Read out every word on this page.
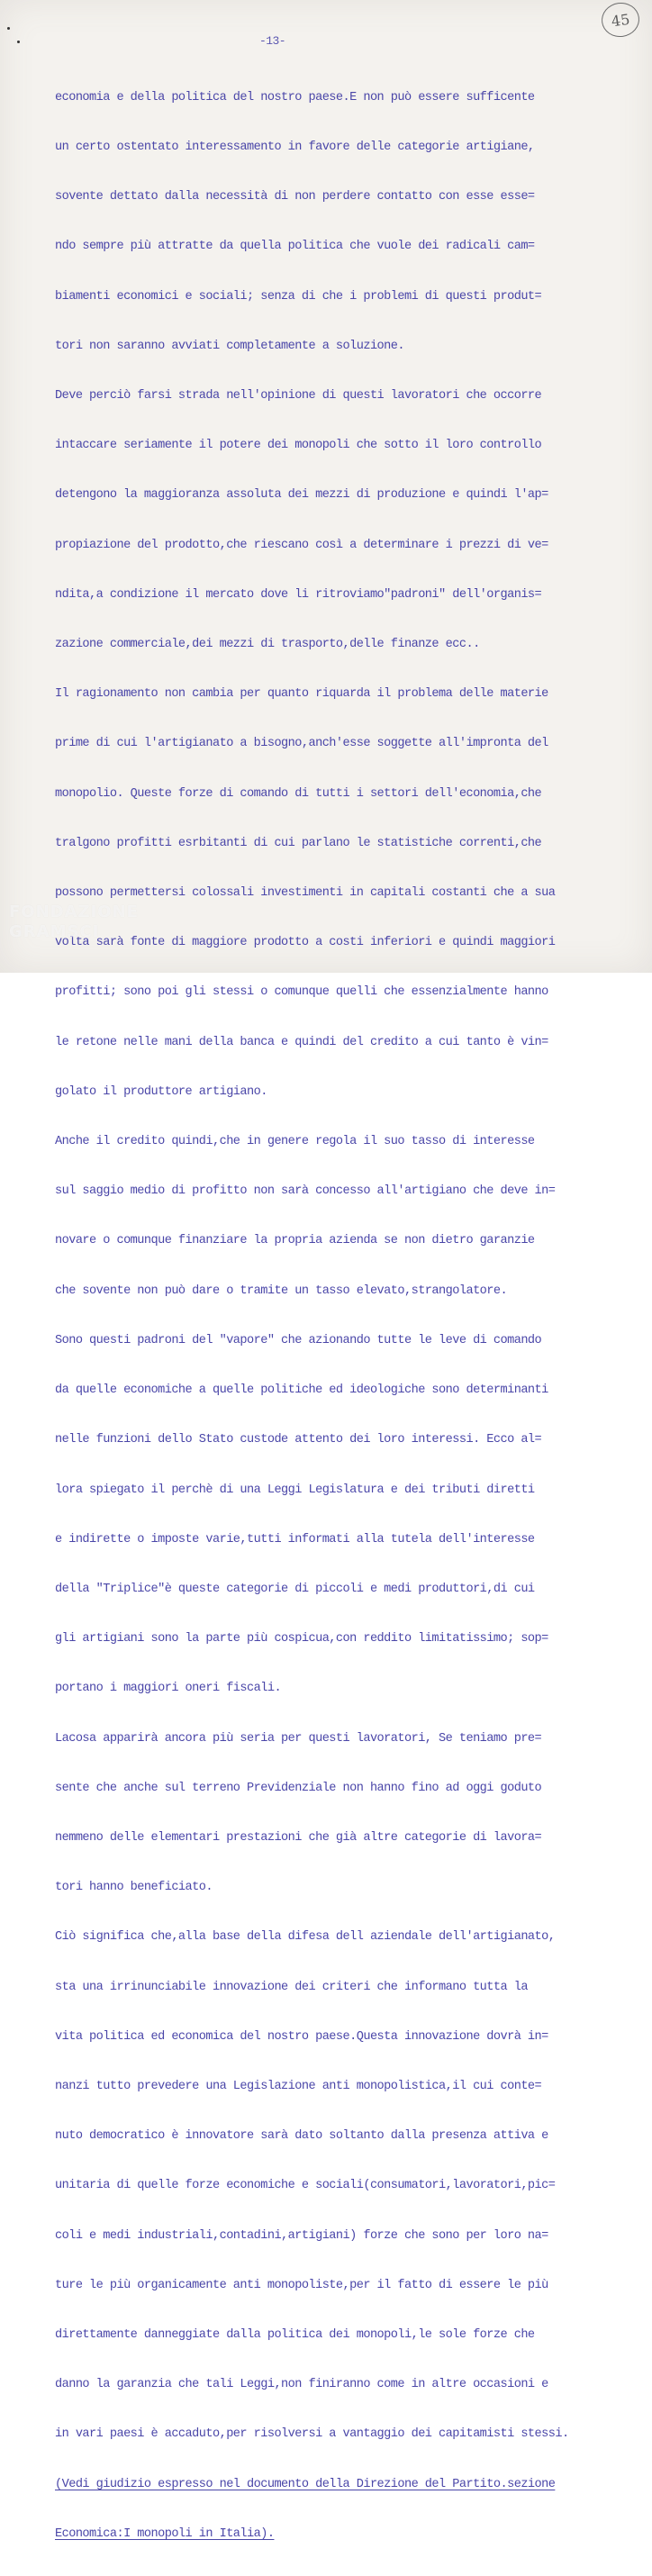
-13-
45

economia e della politica del nostro paese.E non può essere sufficente

un certo ostentato interessamento in favore delle categorie artigiane,

sovente dettato dalla necessità di non perdere contatto con esse esse=

ndo sempre più attratte da quella politica che vuole dei radicali cam=

biamenti economici e sociali; senza di che i problemi di questi produt=

tori non saranno avviati completamente a soluzione.

Deve perciò farsi strada nell'opinione di questi lavoratori che occorre

intaccare seriamente il potere dei monopoli che sotto il loro controllo

detengono la maggioranza assoluta dei mezzi di produzione e quindi l'ap=

propiazione del prodotto,che riescano così a determinare i prezzi di ve=

ndita,a condizione il mercato dove li ritroviamo"padroni" dell'organis=

zazione commerciale,dei mezzi di trasporto,delle finanze ecc..

Il ragionamento non cambia per quanto riquarda il problema delle materie

prime di cui l'artigianato a bisogno,anch'esse soggette all'impronta del

monopolio. Queste forze di comando di tutti i settori dell'economia,che

tralgono profitti esrbitanti di cui parlano le statistiche correnti,che

possono permettersi colossali investimenti in capitali costanti che a sua

volta sarà fonte di maggiore prodotto a costi inferiori e quindi maggiori

profitti; sono poi gli stessi o comunque quelli che essenzialmente hanno

le retone nelle mani della banca e quindi del credito a cui tanto è vin=

golato il produttore artigiano.

Anche il credito quindi,che in genere regola il suo tasso di interesse

sul saggio medio di profitto non sarà concesso all'artigiano che deve in=

novare o comunque finanziare la propria azienda se non dietro garanzie

che sovente non può dare o tramite un tasso elevato,strangolatore.

Sono questi padroni del "vapore" che azionando tutte le leve di comando

da quelle economiche a quelle politiche ed ideologiche sono determinanti

nelle funzioni dello Stato custode attento dei loro interessi. Ecco al=

lora spiegato il perchè di una Leggi Legislatura e dei tributi diretti

e indirette o imposte varie,tutti informati alla tutela dell'interesse

della "Triplice"è queste categorie di piccoli e medi produttori,di cui

gli artigiani sono la parte più cospicua,con reddito limitatissimo; sop=

portano i maggiori oneri fiscali.

Lacosa apparirà ancora più seria per questi lavoratori, Se teniamo pre=

sente che anche sul terreno Previdenziale non hanno fino ad oggi goduto

nemmeno delle elementari prestazioni che già altre categorie di lavora=

tori hanno beneficiato.

Ciò significa che,alla base della difesa dell aziendale dell'artigianato,

sta una irrinunciabile innovazione dei criteri che informano tutta la

vita politica ed economica del nostro paese.Questa innovazione dovrà in=

nanzi tutto prevedere una Legislazione anti monopolistica,il cui conte=

nuto democratico è innovatore sarà dato soltanto dalla presenza attiva e

unitaria di quelle forze economiche e sociali(consumatori,lavoratori,pic=

coli e medi industriali,contadini,artigiani) forze che sono per loro na=

ture le più organicamente anti monopoliste,per il fatto di essere le più

direttamente danneggiate dalla politica dei monopoli,le sole forze che

danno la garanzia che tali Leggi,non finiranno come in altre occasioni e

in vari paesi è accaduto,per risolversi a vantaggio dei capitamisti stessi.

(Vedi giudizio espresso nel documento della Direzione del Partito.sezione

Economica:I monopoli in Italia).

FONDAZIONE
GRAMSCI
